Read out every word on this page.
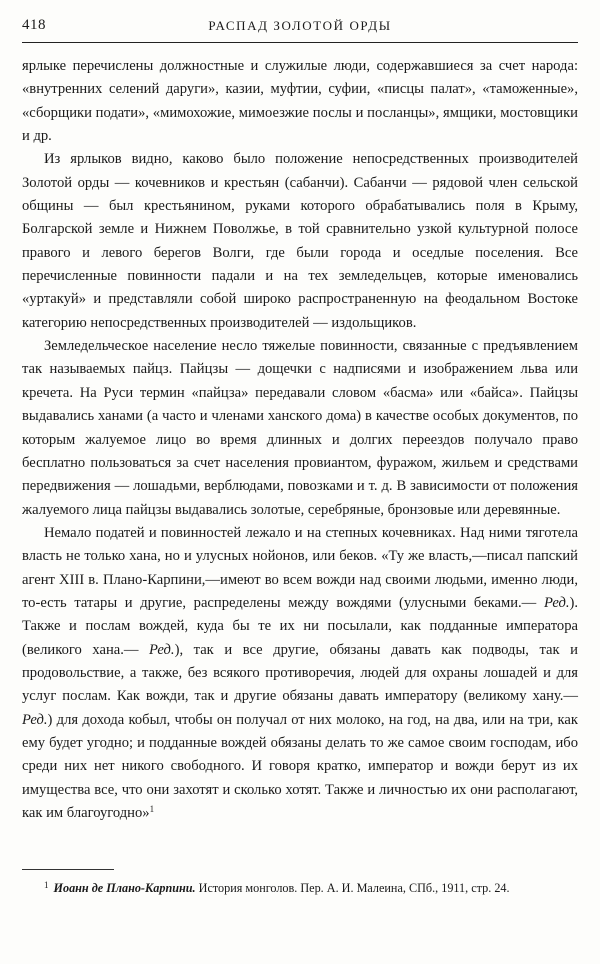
418	РАСПАД ЗОЛОТОЙ ОРДЫ

ярлыке перечислены должностные и служилые люди, содержавшиеся за счет народа: «внутренних селений даруги», казии, муфтии, суфии, «писцы палат», «таможенные», «сборщики подати», «мимохожие, мимоезжие послы и посланцы», ямщики, мостовщики и др.

Из ярлыков видно, каково было положение непосредственных производителей Золотой орды — кочевников и крестьян (сабанчи). Сабанчи — рядовой член сельской общины — был крестьянином, руками которого обрабатывались поля в Крыму, Болгарской земле и Нижнем Поволжье, в той сравнительно узкой культурной полосе правого и левого берегов Волги, где были города и оседлые поселения. Все перечисленные повинности падали и на тех земледельцев, которые именовались «уртакуй» и представляли собой широко распространенную на феодальном Востоке категорию непосредственных производителей — издольщиков.

Земледельческое население несло тяжелые повинности, связанные с предъявлением так называемых пайцз. Пайцзы — дощечки с надписями и изображением льва или кречета. На Руси термин «пайцза» передавали словом «басма» или «байса». Пайцзы выдавались ханами (а часто и членами ханского дома) в качестве особых документов, по которым жалуемое лицо во время длинных и долгих переездов получало право бесплатно пользоваться за счет населения провиантом, фуражом, жильем и средствами передвижения — лошадьми, верблюдами, повозками и т. д. В зависимости от положения жалуемого лица пайцзы выдавались золотые, серебряные, бронзовые или деревянные.

Немало податей и повинностей лежало и на степных кочевниках. Над ними тяготела власть не только хана, но и улусных нойонов, или беков. «Ту же власть,—писал папский агент XIII в. Плано-Карпини,—имеют во всем вожди над своими людьми, именно люди, то-есть татары и другие, распределены между вождями (улусными беками.— Ред.). Также и послам вождей, куда бы те их ни посылали, как подданные императора (великого хана.— Ред.), так и все другие, обязаны давать как подводы, так и продовольствие, а также, без всякого противоречия, людей для охраны лошадей и для услуг послам. Как вожди, так и другие обязаны давать императору (великому хану.— Ред.) для дохода кобыл, чтобы он получал от них молоко, на год, на два, или на три, как ему будет угодно; и подданные вождей обязаны делать то же самое своим господам, ибо среди них нет никого свободного. И говоря кратко, император и вожди берут из их имущества все, что они захотят и сколько хотят. Также и личностью их они располагают, как им благоугодно»$^1$

$^1$ Иоанн де Плано-Карпини. История монголов. Пер. А. И. Малеина, СПб., 1911, стр. 24.
